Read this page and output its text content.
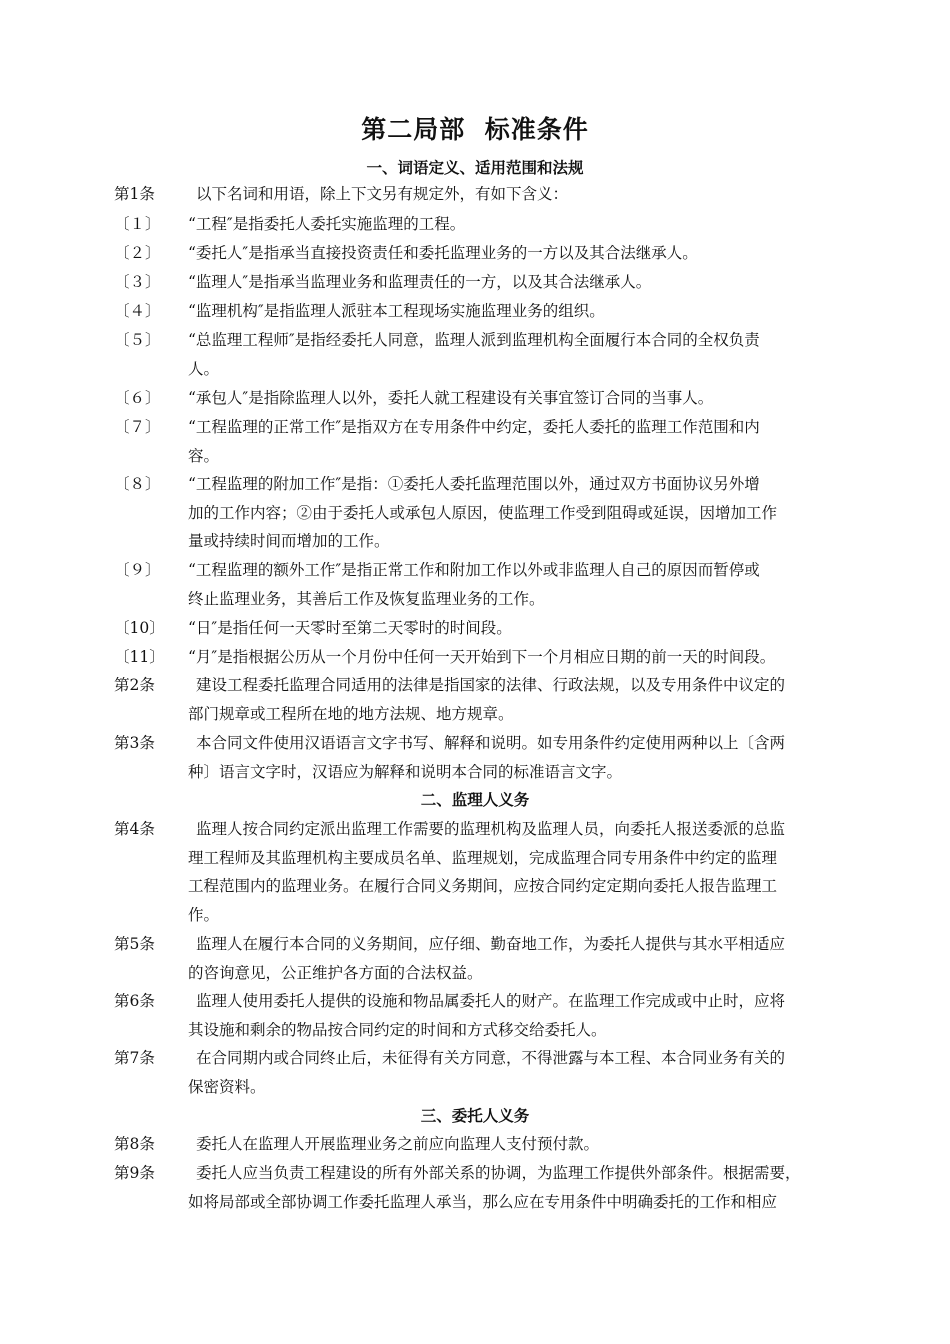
第二局部  标准条件
一、词语定义、适用范围和法规
第1条	以下名词和用语，除上下文另有规定外，有如下含义：
〔１〕 “工程″是指委托人委托实施监理的工程。
〔２〕 “委托人″是指承当直接投资责任和委托监理业务的一方以及其合法继承人。
〔３〕 “监理人″是指承当监理业务和监理责任的一方，以及其合法继承人。
〔４〕 “监理机构″是指监理人派驻本工程现场实施监理业务的组织。
〔５〕 “总监理工程师″是指经委托人同意，监理人派到监理机构全面履行本合同的全权负责
人。
〔６〕 “承包人″是指除监理人以外，委托人就工程建设有关事宜签订合同的当事人。
〔７〕 “工程监理的正常工作″是指双方在专用条件中约定，委托人委托的监理工作范围和内
容。
〔８〕 “工程监理的附加工作″是指：①委托人委托监理范围以外，通过双方书面协议另外增
加的工作内容；②由于委托人或承包人原因，使监理工作受到阻碍或延误，因增加工作
量或持续时间而增加的工作。
〔９〕 “工程监理的额外工作″是指正常工作和附加工作以外或非监理人自己的原因而暂停或
终止监理业务，其善后工作及恢复监理业务的工作。
〔10〕 “日″是指任何一天零时至第二天零时的时间段。
〔11〕 “月″是指根据公历从一个月份中任何一天开始到下一个月相应日期的前一天的时间段。
第2条	建设工程委托监理合同适用的法律是指国家的法律、行政法规，以及专用条件中议定的
部门规章或工程所在地的地方法规、地方规章。
第3条	本合同文件使用汉语语言文字书写、解释和说明。如专用条件约定使用两种以上〔含两
种〕语言文字时，汉语应为解释和说明本合同的标准语言文字。
二、监理人义务
第4条	监理人按合同约定派出监理工作需要的监理机构及监理人员，向委托人报送委派的总监
理工程师及其监理机构主要成员名单、监理规划，完成监理合同专用条件中约定的监理
工程范围内的监理业务。在履行合同义务期间，应按合同约定定期向委托人报告监理工
作。
第5条	监理人在履行本合同的义务期间，应仔细、勤奋地工作，为委托人提供与其水平相适应
的咨询意见，公正维护各方面的合法权益。
第6条	监理人使用委托人提供的设施和物品属委托人的财产。在监理工作完成或中止时，应将
其设施和剩余的物品按合同约定的时间和方式移交给委托人。
第7条	在合同期内或合同终止后，未征得有关方同意，不得泄露与本工程、本合同业务有关的
保密资料。
三、委托人义务
第8条	委托人在监理人开展监理业务之前应向监理人支付预付款。
第9条	委托人应当负责工程建设的所有外部关系的协调，为监理工作提供外部条件。根据需要，
如将局部或全部协调工作委托监理人承当，那么应在专用条件中明确委托的工作和相应
